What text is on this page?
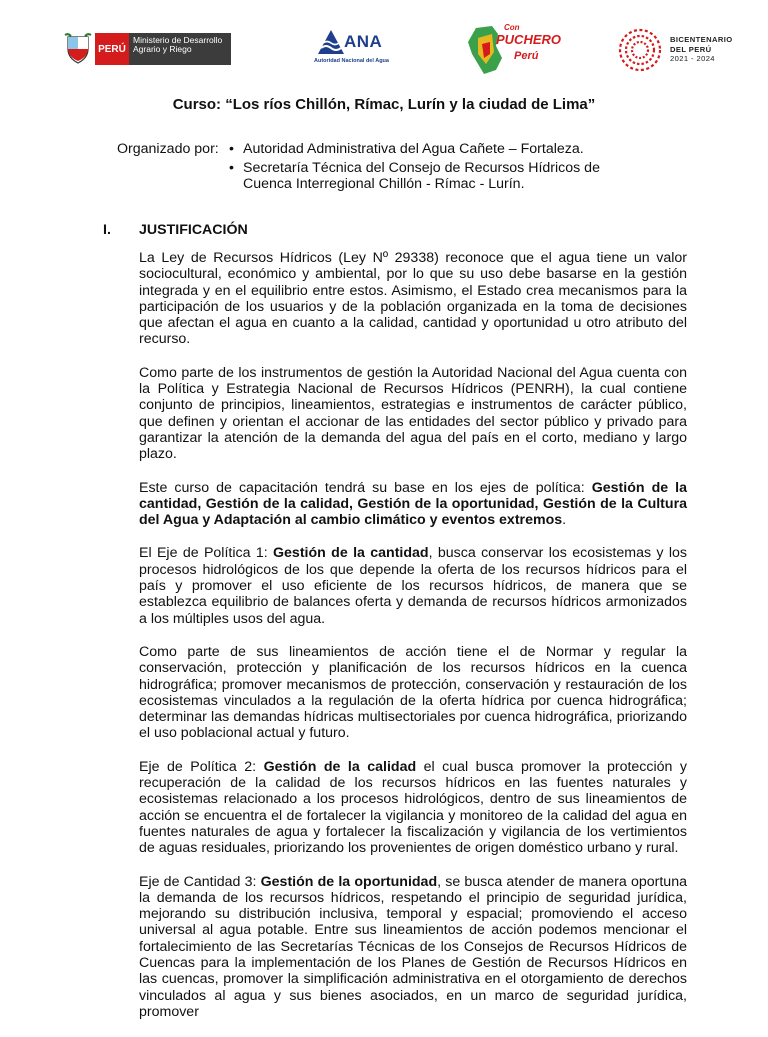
PERÚ
Ministerio de Desarrollo Agrario y Riego	ANA
Autoridad Nacional del Agua
Con
PUCHERO
Perú
BICENTENARIO
DEL PERÚ
2021 - 2024
Curso: “Los ríos Chillón, Rímac, Lurín y la ciudad de Lima”
Organizado por: • Autoridad Administrativa del Agua Cañete – Fortaleza.
• Secretaría Técnica del Consejo de Recursos Hídricos de Cuenca Interregional Chillón - Rímac - Lurín.
I. JUSTIFICACIÓN

La Ley de Recursos Hídricos (Ley Nº 29338) reconoce que el agua tiene un valor sociocultural, económico y ambiental, por lo que su uso debe basarse en la gestión integrada y en el equilibrio entre estos. Asimismo, el Estado crea mecanismos para la participación de los usuarios y de la población organizada en la toma de decisiones que afectan el agua en cuanto a la calidad, cantidad y oportunidad u otro atributo del recurso.

Como parte de los instrumentos de gestión la Autoridad Nacional del Agua cuenta con la Política y Estrategia Nacional de Recursos Hídricos (PENRH), la cual contiene conjunto de principios, lineamientos, estrategias e instrumentos de carácter público, que definen y orientan el accionar de las entidades del sector público y privado para garantizar la atención de la demanda del agua del país en el corto, mediano y largo plazo.

Este curso de capacitación tendrá su base en los ejes de política: Gestión de la cantidad, Gestión de la calidad, Gestión de la oportunidad, Gestión de la Cultura del Agua y Adaptación al cambio climático y eventos extremos.

El Eje de Política 1: Gestión de la cantidad, busca conservar los ecosistemas y los procesos hidrológicos de los que depende la oferta de los recursos hídricos para el país y promover el uso eficiente de los recursos hídricos, de manera que se establezca equilibrio de balances oferta y demanda de recursos hídricos armonizados a los múltiples usos del agua.

Como parte de sus lineamientos de acción tiene el de Normar y regular la conservación, protección y planificación de los recursos hídricos en la cuenca hidrográfica; promover mecanismos de protección, conservación y restauración de los ecosistemas vinculados a la regulación de la oferta hídrica por cuenca hidrográfica; determinar las demandas hídricas multisectoriales por cuenca hidrográfica, priorizando el uso poblacional actual y futuro.

Eje de Política 2: Gestión de la calidad el cual busca promover la protección y recuperación de la calidad de los recursos hídricos en las fuentes naturales y ecosistemas relacionado a los procesos hidrológicos, dentro de sus lineamientos de acción se encuentra el de fortalecer la vigilancia y monitoreo de la calidad del agua en fuentes naturales de agua y fortalecer la fiscalización y vigilancia de los vertimientos de aguas residuales, priorizando los provenientes de origen doméstico urbano y rural.

Eje de Cantidad 3: Gestión de la oportunidad, se busca atender de manera oportuna la demanda de los recursos hídricos, respetando el principio de seguridad jurídica, mejorando su distribución inclusiva, temporal y espacial; promoviendo el acceso universal al agua potable. Entre sus lineamientos de acción podemos mencionar el fortalecimiento de las Secretarías Técnicas de los Consejos de Recursos Hídricos de Cuencas para la implementación de los Planes de Gestión de Recursos Hídricos en las cuencas, promover la simplificación administrativa en el otorgamiento de derechos vinculados al agua y sus bienes asociados, en un marco de seguridad jurídica, promover
